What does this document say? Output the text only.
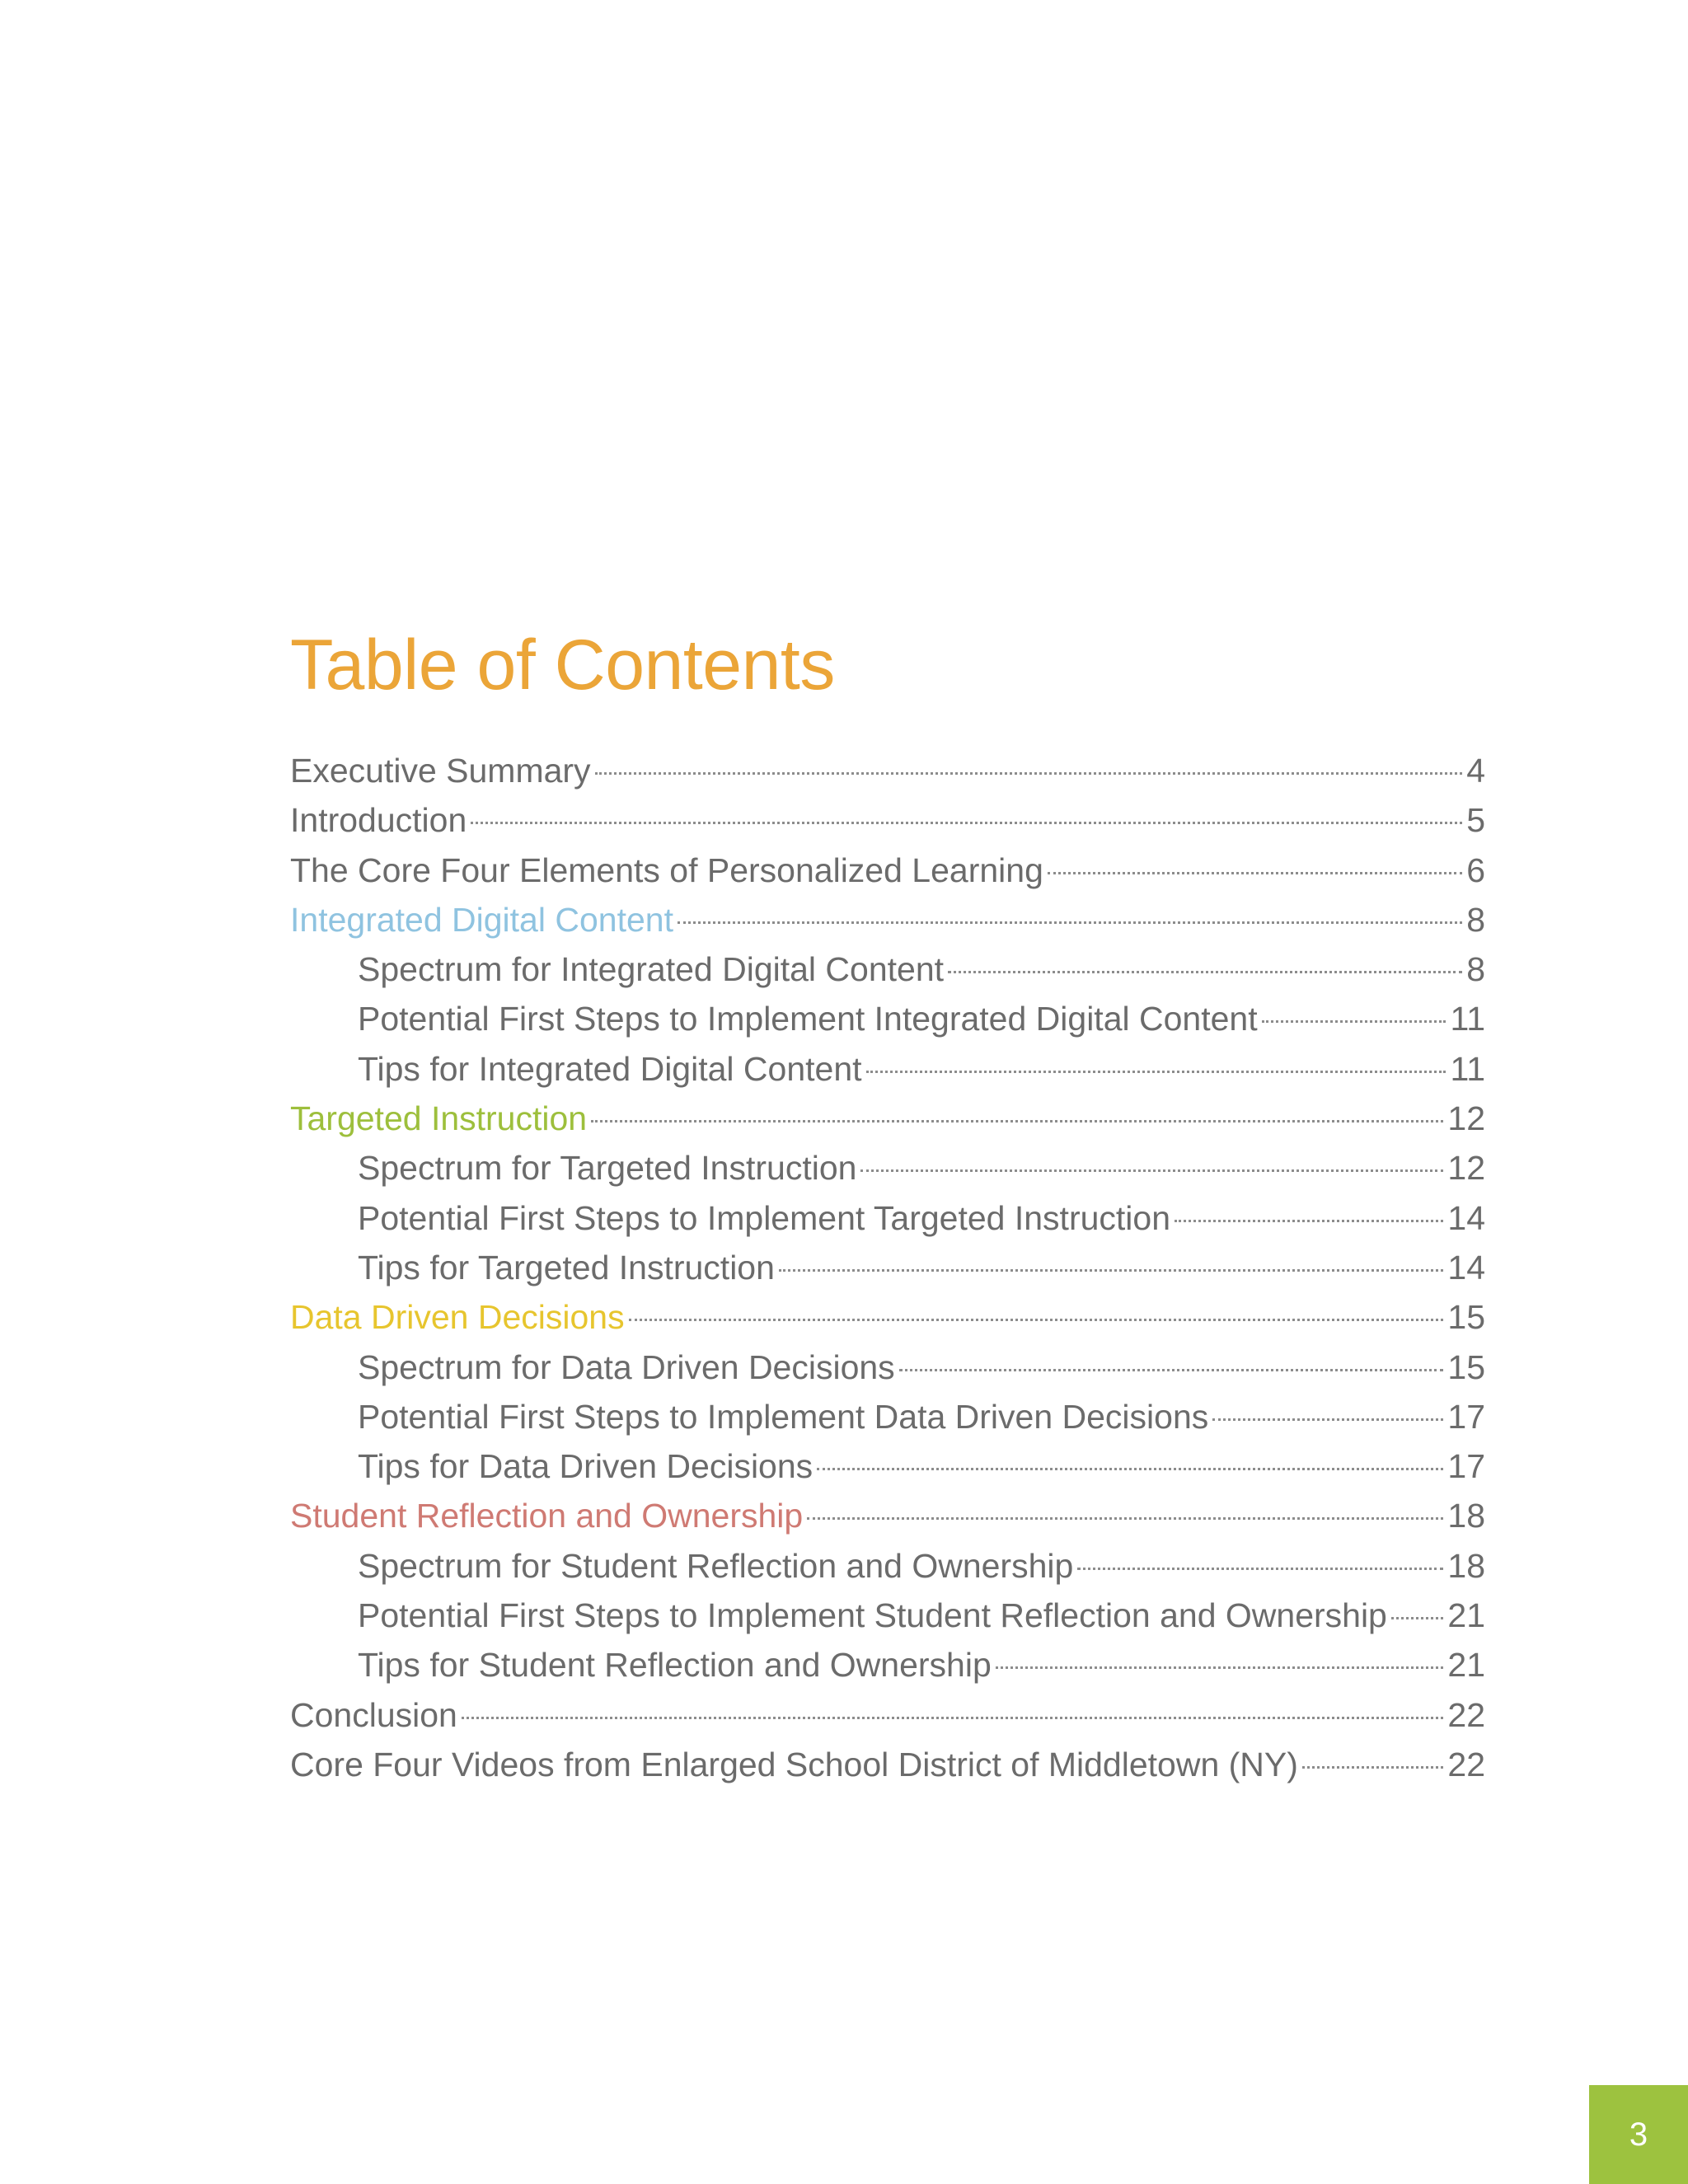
Table of Contents
Executive Summary	4
Introduction	5
The Core Four Elements of Personalized Learning	6
Integrated Digital Content	8
Spectrum for Integrated Digital Content	8
Potential First Steps to Implement Integrated Digital Content	11
Tips for Integrated Digital Content	11
Targeted Instruction	12
Spectrum for Targeted Instruction	12
Potential First Steps to Implement Targeted Instruction	14
Tips for Targeted Instruction	14
Data Driven Decisions	15
Spectrum for Data Driven Decisions	15
Potential First Steps to Implement Data Driven Decisions	17
Tips for Data Driven Decisions	17
Student Reflection and Ownership	18
Spectrum for Student Reflection and Ownership	18
Potential First Steps to Implement Student Reflection and Ownership 21
Tips for Student Reflection and Ownership	21
Conclusion	22
Core Four Videos from Enlarged School District of Middletown (NY)	22
3
